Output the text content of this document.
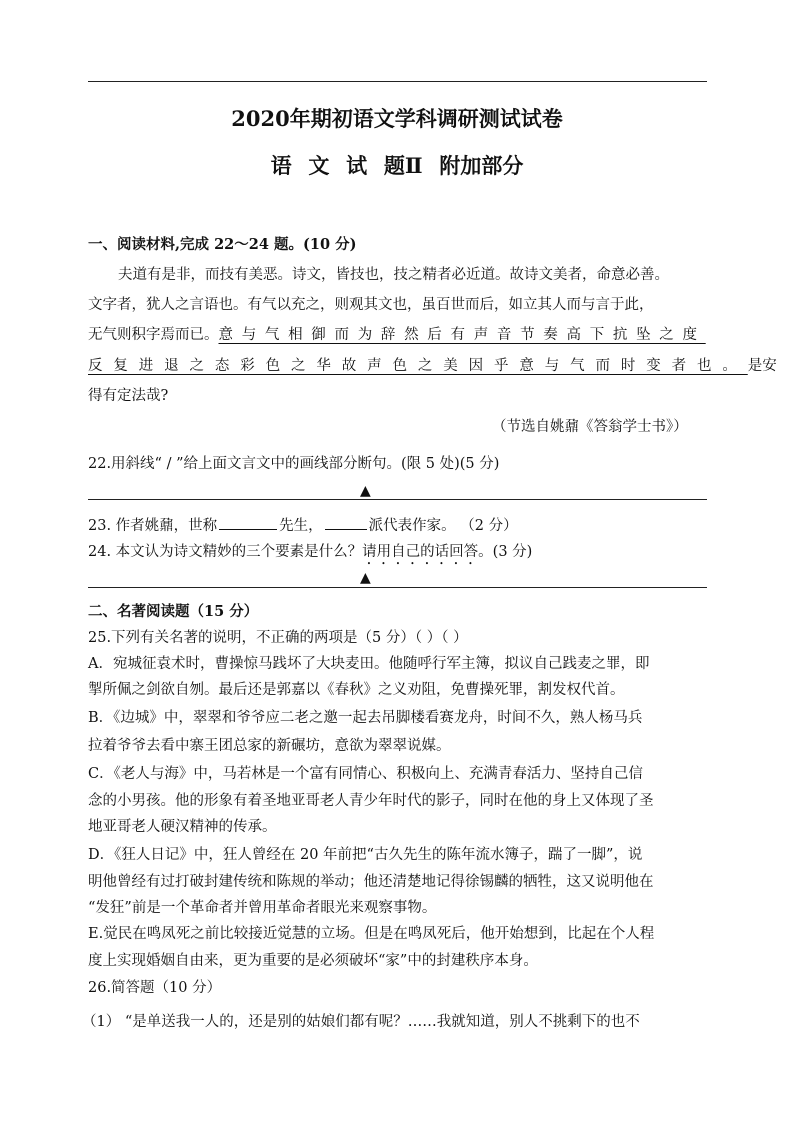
2020年期初语文学科调研测试试卷
语 文 试 题Ⅱ 附加部分
一、阅读材料,完成 22～24 题。(10 分)
夫道有是非，而技有美恶。诗文，皆技也，技之精者必近道。故诗文美者，命意必善。
文字者，犹人之言语也。有气以充之，则观其文也，虽百世而后，如立其人而与言于此，
无气则积字焉而已。意与气相御而为辞然后有声音节奏高下抗坠之度
反复进退之态彩色之华故声色之美因乎意与气而时变者也。是安
得有定法哉?
（节选自姚鼐《答翁学士书》）
22.用斜线“ / ”给上面文言文中的画线部分断句。(限 5 处)(5 分)
▲
23. 作者姚鼐，世称	先生，	派代表作家。 （2 分）
24. 本文认为诗文精妙的三个要素是什么？请用自己的话回答。(3 分)
▲
二、名著阅读题（15 分）
25.下列有关名著的说明，不正确的两项是（5 分）（ ）（ ）
A．宛城征袁术时，曹操惊马践坏了大块麦田。他随呼行军主簿，拟议自己践麦之罪，即
掣所佩之剑欲自刎。最后还是郭嘉以《春秋》之义劝阻，免曹操死罪，割发权代首。
B．《边城》中，翠翠和爷爷应二老之邀一起去吊脚楼看赛龙舟，时间不久，熟人杨马兵
拉着爷爷去看中寨王团总家的新碾坊，意欲为翠翠说媒。
C．《老人与海》中，马若林是一个富有同情心、积极向上、充满青春活力、坚持自己信
念的小男孩。他的形象有着圣地亚哥老人青少年时代的影子，同时在他的身上又体现了圣
地亚哥老人硬汉精神的传承。
D．《狂人日记》中，狂人曾经在 20 年前把“古久先生的陈年流水簿子，踹了一脚”，说
明他曾经有过打破封建传统和陈规的举动；他还清楚地记得徐锡麟的牺牲，这又说明他在
“发狂”前是一个革命者并曾用革命者眼光来观察事物。
E.觉民在鸣凤死之前比较接近觉慧的立场。但是在鸣凤死后，他开始想到，比起在个人程
度上实现婚姻自由来，更为重要的是必须破坏“家”中的封建秩序本身。
26.简答题（10 分）
（1） “是单送我一人的，还是别的姑娘们都有呢？……我就知道，别人不挑剩下的也不
